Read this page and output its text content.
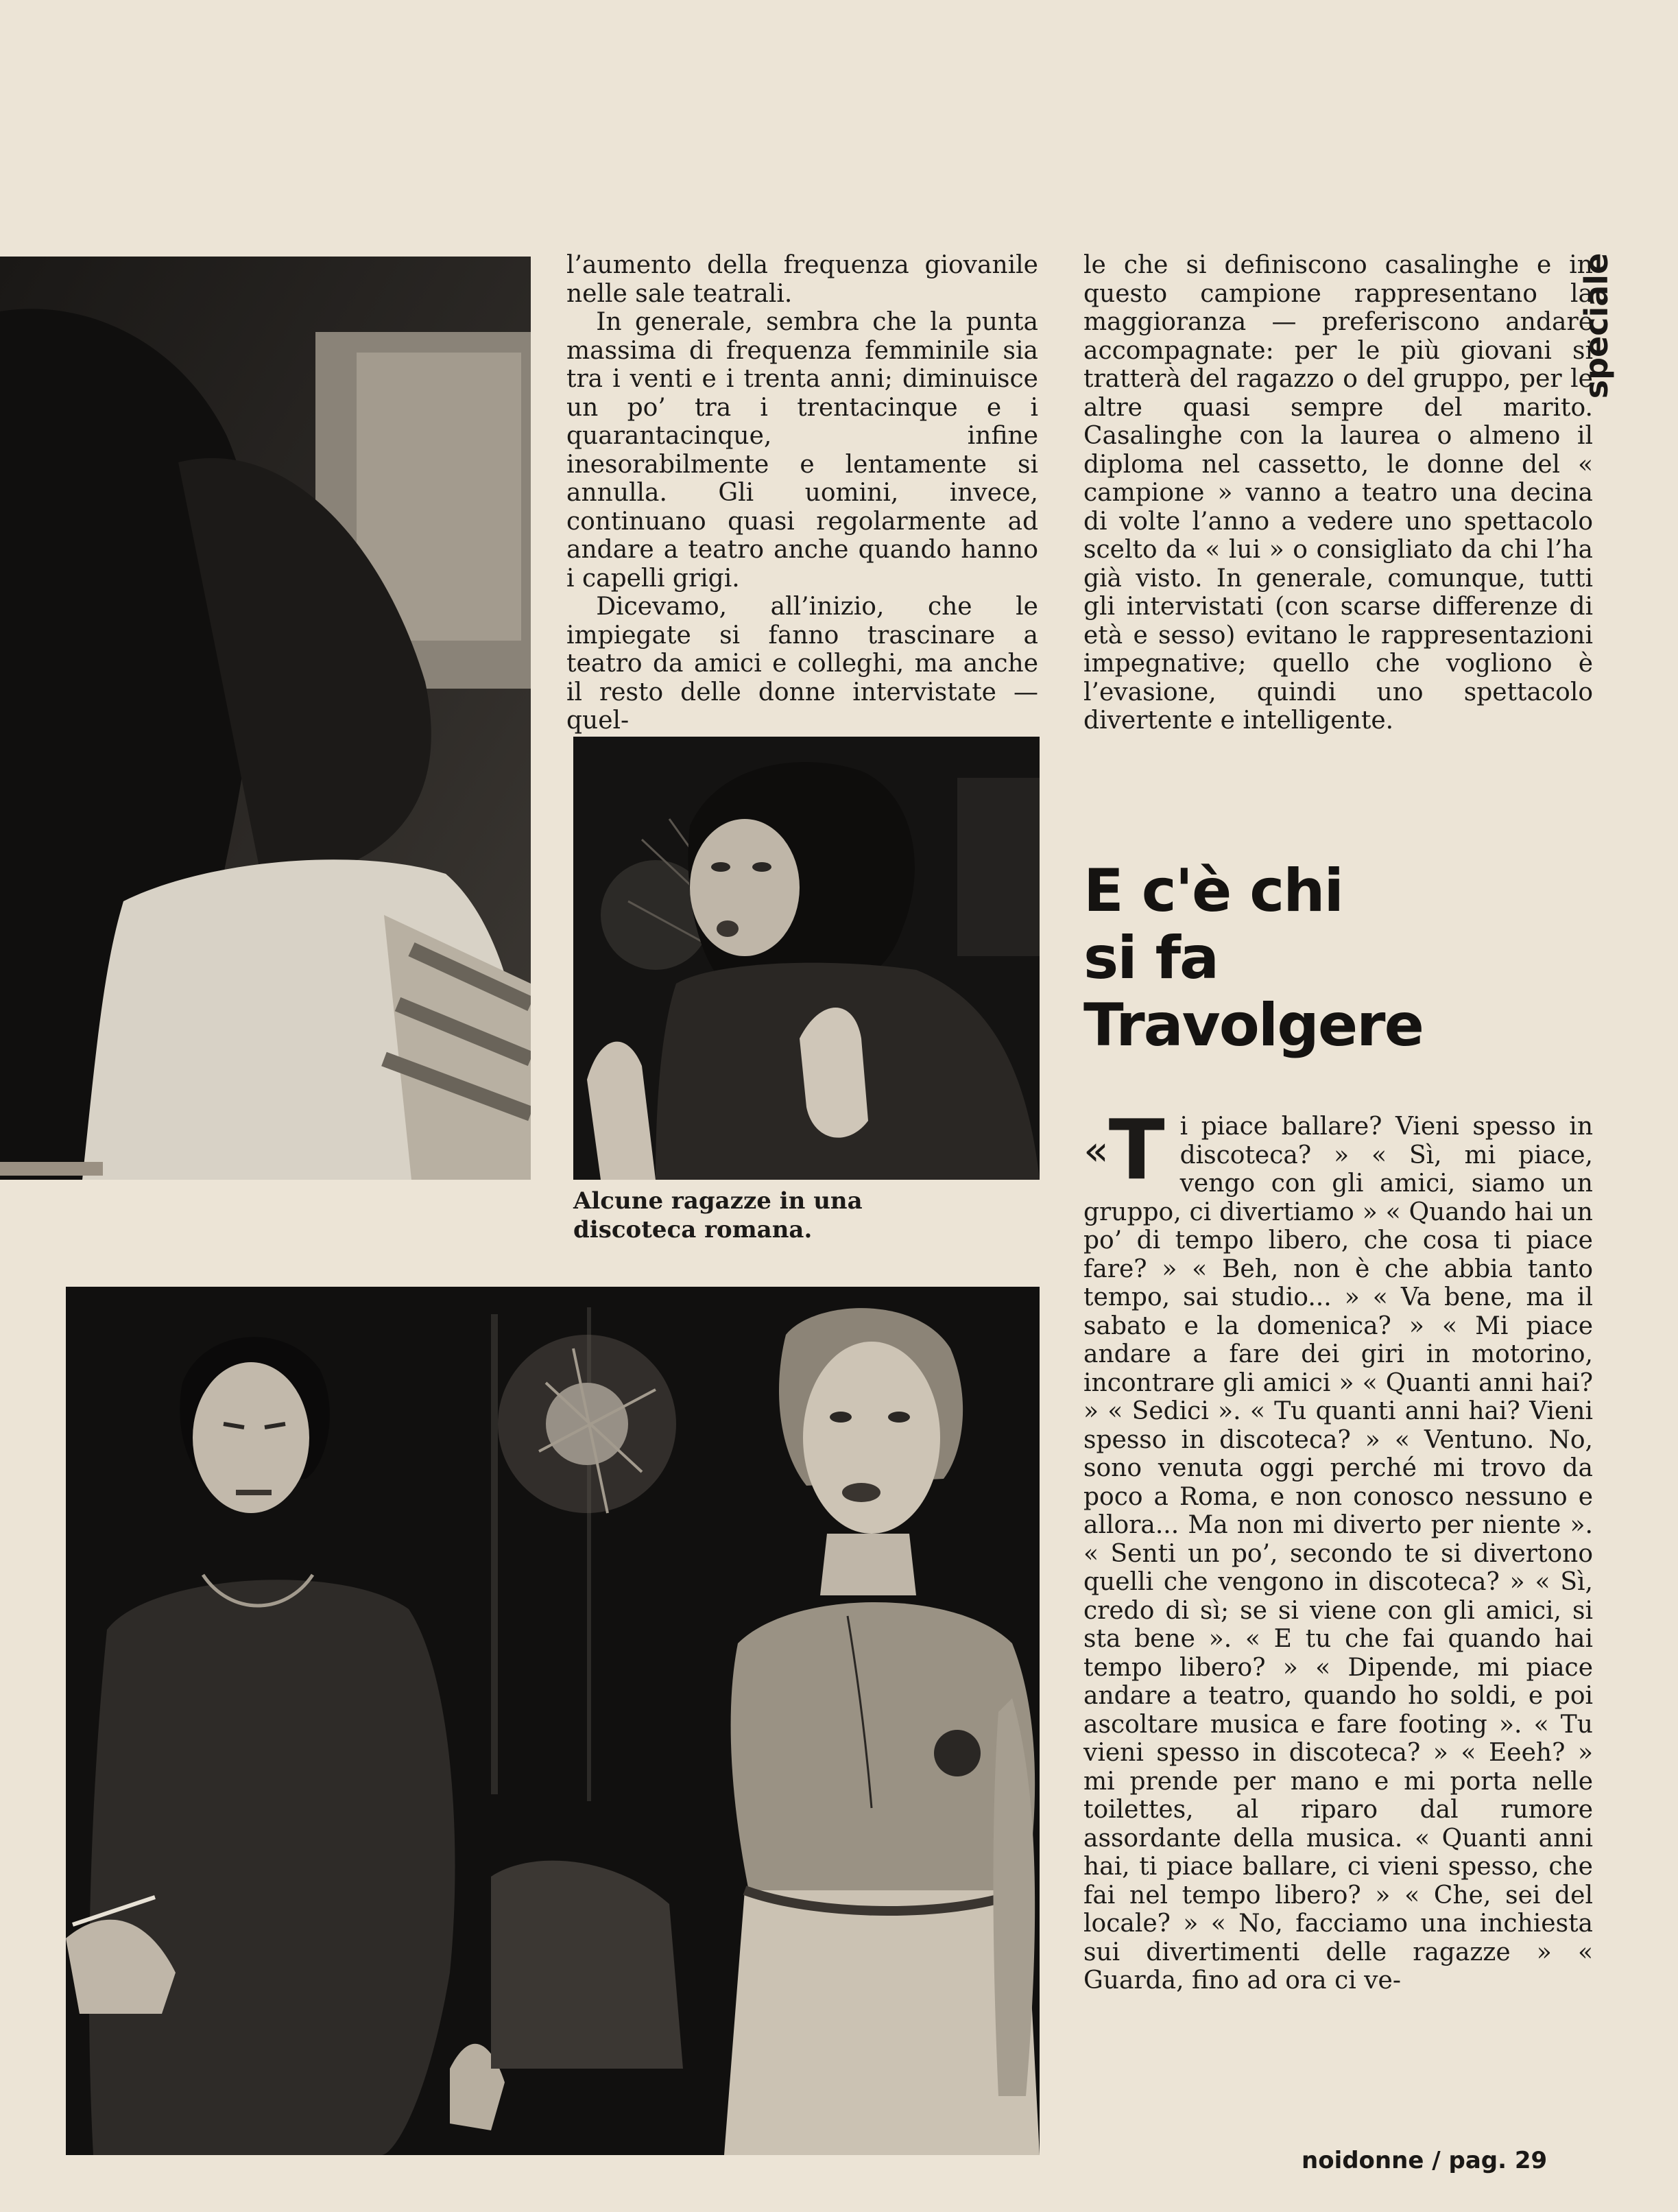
l’aumento della frequenza giovanile nelle sale teatrali.

In generale, sembra che la punta massima di frequenza femminile sia tra i venti e i trenta anni; diminuisce un po’ tra i trentacinque e i quarantacinque, infine inesorabilmente e lentamente si annulla. Gli uomini, invece, continuano quasi regolarmente ad andare a teatro anche quando hanno i capelli grigi.

Dicevamo, all’inizio, che le impiegate si fanno trascinare a teatro da amici e colleghi, ma anche il resto delle donne intervistate — quel-

Alcune ragazze in una discoteca romana.

le che si definiscono casalinghe e in questo campione rappresentano la maggioranza — preferiscono andare accompagnate: per le più giovani si tratterà del ragazzo o del gruppo, per le altre quasi sempre del marito. Casalinghe con la laurea o almeno il diploma nel cassetto, le donne del « campione » vanno a teatro una decina di volte l’anno a vedere uno spettacolo scelto da « lui » o consigliato da chi l’ha già visto. In generale, comunque, tutti gli intervistati (con scarse differenze di età e sesso) evitano le rappresentazioni impegnative; quello che vogliono è l’evasione, quindi uno spettacolo divertente e intelligente.

E c'è chi
si fa
Travolgere
«T i piace ballare? Vieni spesso in discoteca? » « Sì, mi piace, vengo con gli amici, siamo un gruppo, ci divertiamo » « Quando hai un po’ di tempo libero, che cosa ti piace fare? » « Beh, non è che abbia tanto tempo, sai studio... » « Va bene, ma il sabato e la domenica? » « Mi piace andare a fare dei giri in motorino, incontrare gli amici » « Quanti anni hai? » « Sedici ». « Tu quanti anni hai? Vieni spesso in discoteca? » « Ventuno. No, sono venuta oggi perché mi trovo da poco a Roma, e non conosco nessuno e allora... Ma non mi diverto per niente ». « Senti un po’, secondo te si divertono quelli che vengono in discoteca? » « Sì, credo di sì; se si viene con gli amici, si sta bene ». « E tu che fai quando hai tempo libero? » « Dipende, mi piace andare a teatro, quando ho soldi, e poi ascoltare musica e fare footing ». « Tu vieni spesso in discoteca? » « Eeeh? » mi prende per mano e mi porta nelle toilettes, al riparo dal rumore assordante della musica. « Quanti anni hai, ti piace ballare, ci vieni spesso, che fai nel tempo libero? » « Che, sei del locale? » « No, facciamo una inchiesta sui divertimenti delle ragazze » « Guarda, fino ad ora ci ve-

speciale
noidonne / pag. 29
